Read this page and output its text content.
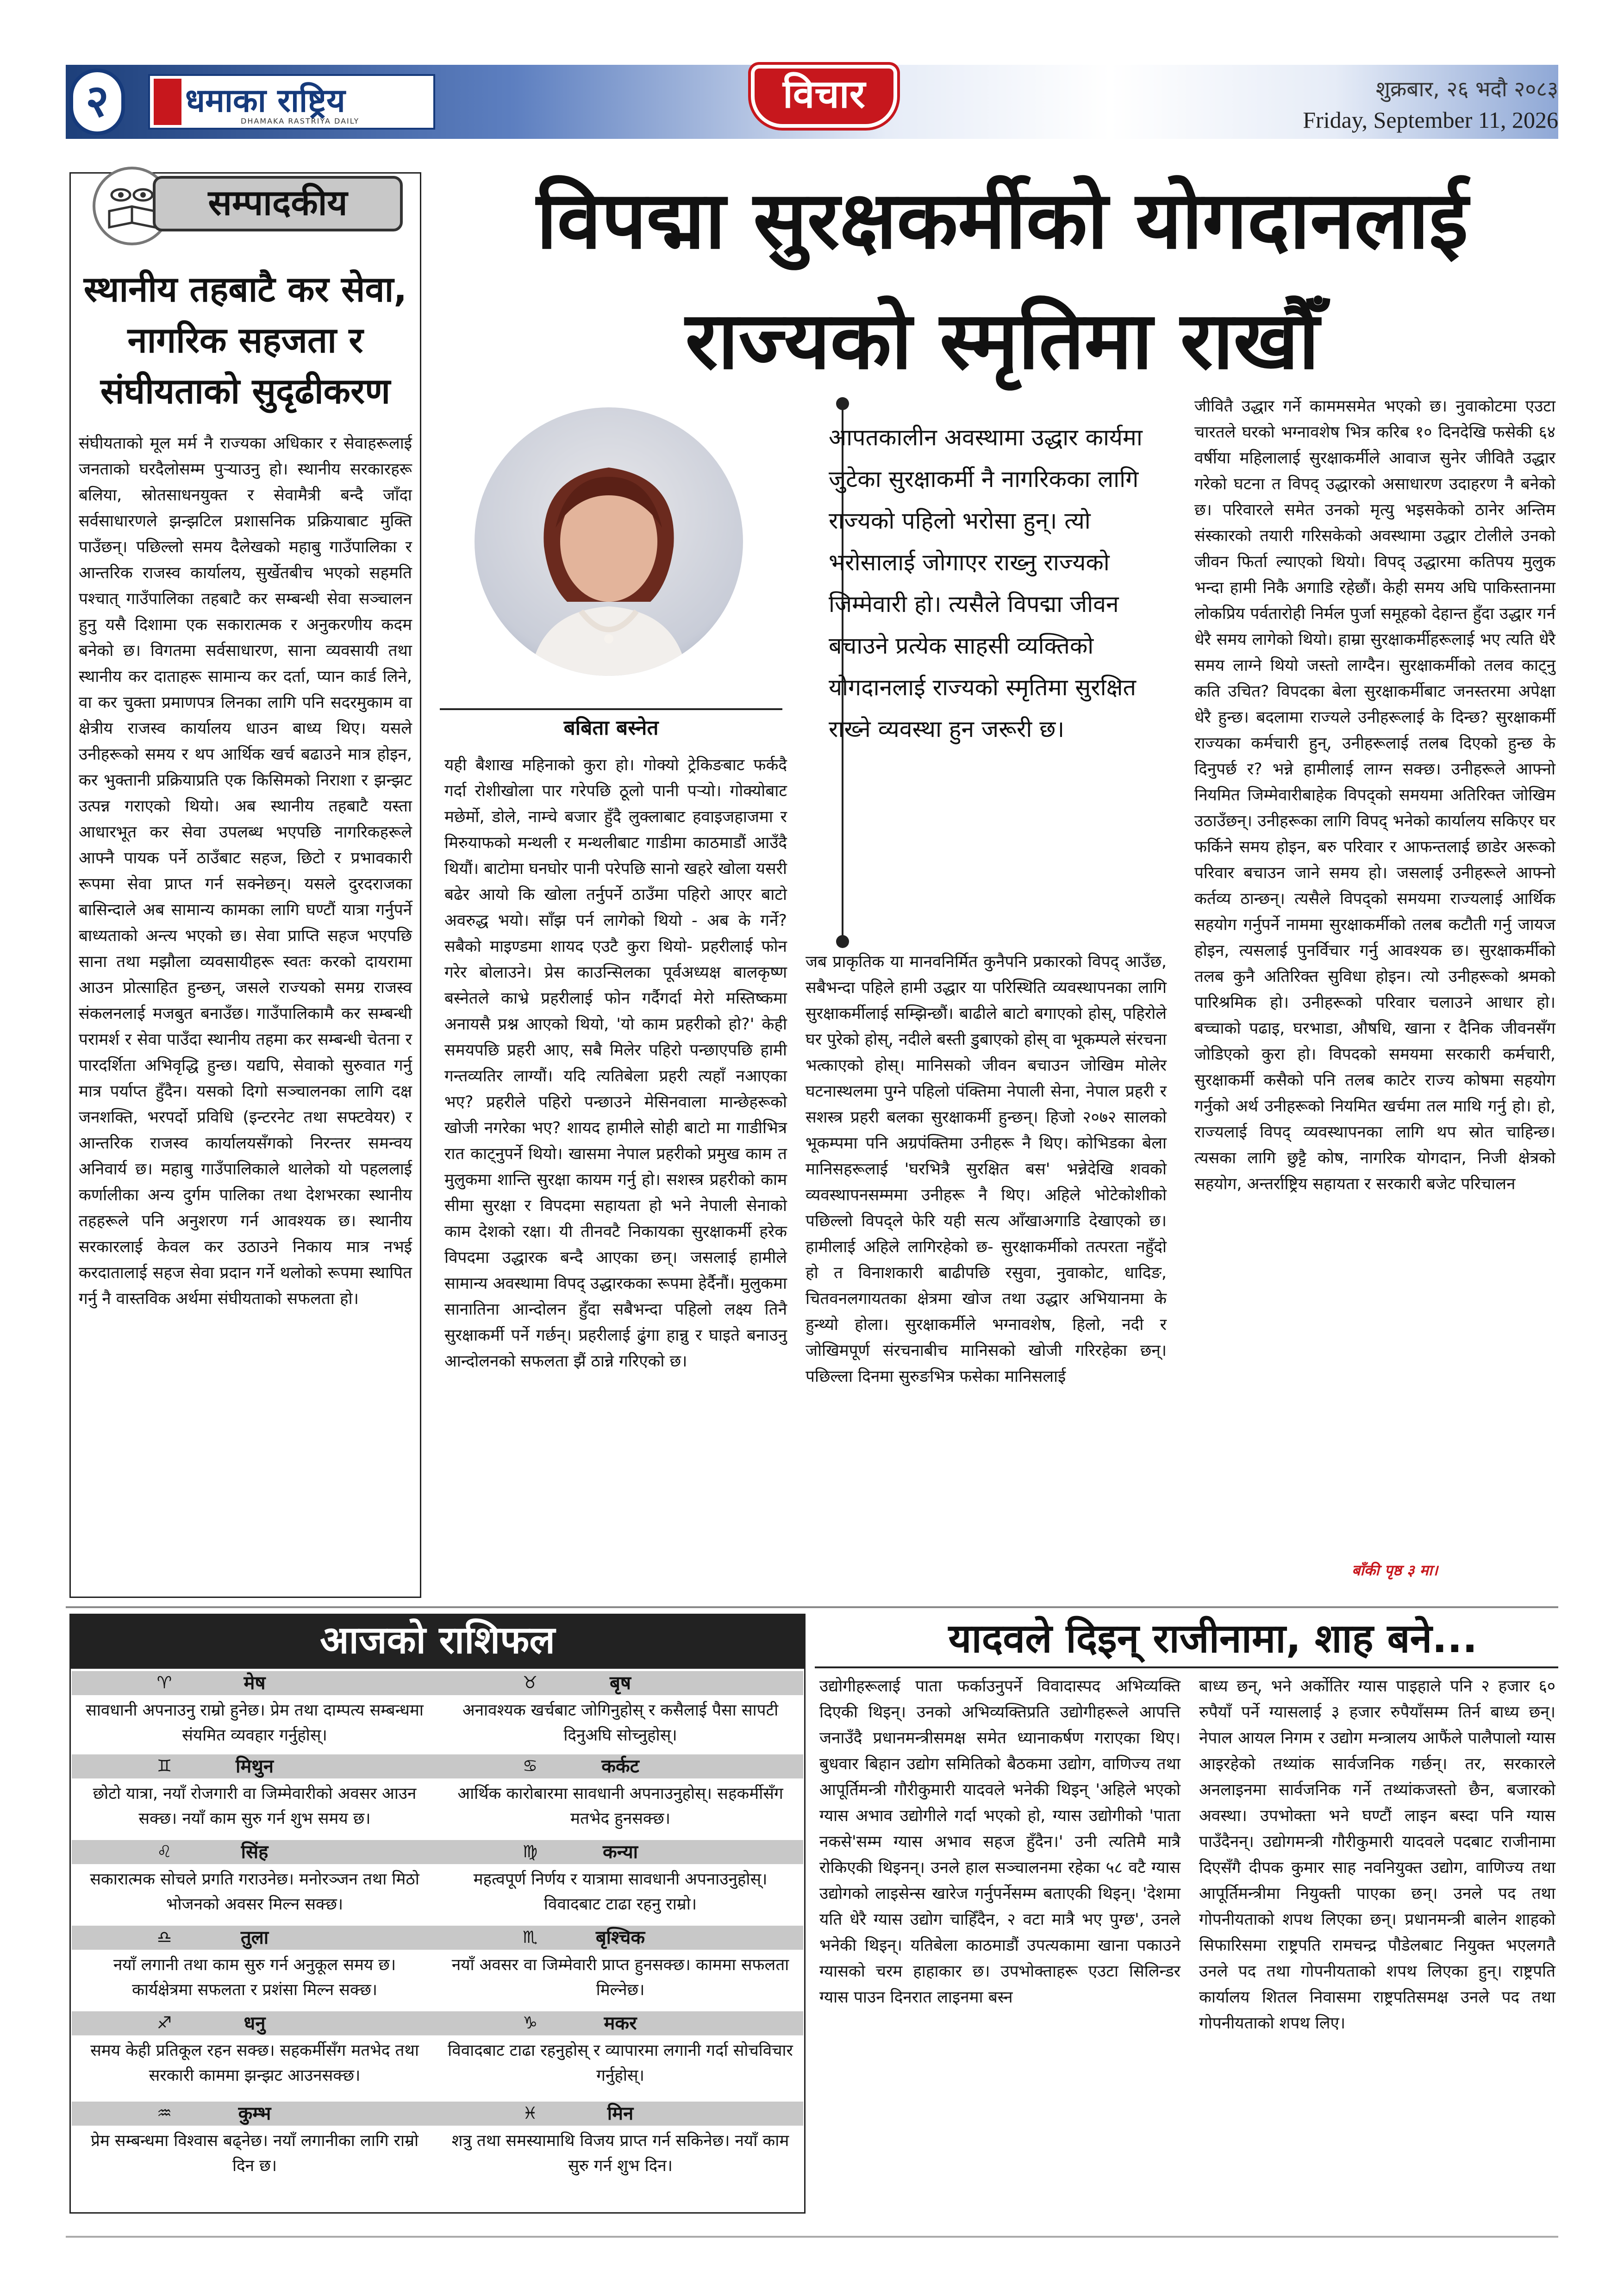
२	धमाका राष्ट्रिय
DHAMAKA RASTRIYA DAILY
विचार	शुक्रबार, २६ भदौ २०८३
Friday, September 11, 2026
सम्पादकीय
स्थानीय तहबाटै कर सेवा, नागरिक सहजता र संघीयताको सुदृढीकरण
संघीयताको मूल मर्म नै राज्यका अधिकार र सेवाहरूलाई जनताको घरदैलोसम्म पुऱ्याउनु हो। स्थानीय सरकारहरू बलिया, स्रोतसाधनयुक्त र सेवामैत्री बन्दै जाँदा सर्वसाधारणले झन्झटिल प्रशासनिक प्रक्रियाबाट मुक्ति पाउँछन्। पछिल्लो समय दैलेखको महाबु गाउँपालिका र आन्तरिक राजस्व कार्यालय, सुर्खेतबीच भएको सहमति पश्चात् गाउँपालिका तहबाटै कर सम्बन्धी सेवा सञ्चालन हुनु यसै दिशामा एक सकारात्मक र अनुकरणीय कदम बनेको छ। विगतमा सर्वसाधारण, साना व्यवसायी तथा स्थानीय कर दाताहरू सामान्य कर दर्ता, प्यान कार्ड लिने, वा कर चुक्ता प्रमाणपत्र लिनका लागि पनि सदरमुकाम वा क्षेत्रीय राजस्व कार्यालय धाउन बाध्य थिए। यसले उनीहरूको समय र थप आर्थिक खर्च बढाउने मात्र होइन, कर भुक्तानी प्रक्रियाप्रति एक किसिमको निराशा र झन्झट उत्पन्न गराएको थियो। अब स्थानीय तहबाटै यस्ता आधारभूत कर सेवा उपलब्ध भएपछि नागरिकहरूले आफ्नै पायक पर्ने ठाउँबाट सहज, छिटो र प्रभावकारी रूपमा सेवा प्राप्त गर्न सक्नेछन्। यसले दुरदराजका बासिन्दाले अब सामान्य कामका लागि घण्टौं यात्रा गर्नुपर्ने बाध्यताको अन्त्य भएको छ। सेवा प्राप्ति सहज भएपछि साना तथा मझौला व्यवसायीहरू स्वतः करको दायरामा आउन प्रोत्साहित हुन्छन्, जसले राज्यको समग्र राजस्व संकलनलाई मजबुत बनाउँछ। गाउँपालिकामै कर सम्बन्धी परामर्श र सेवा पाउँदा स्थानीय तहमा कर सम्बन्धी चेतना र पारदर्शिता अभिवृद्धि हुन्छ। यद्यपि, सेवाको सुरुवात गर्नु मात्र पर्याप्त हुँदैन। यसको दिगो सञ्चालनका लागि दक्ष जनशक्ति, भरपर्दो प्रविधि (इन्टरनेट तथा सफ्टवेयर) र आन्तरिक राजस्व कार्यालयसँगको निरन्तर समन्वय अनिवार्य छ। महाबु गाउँपालिकाले थालेको यो पहललाई कर्णालीका अन्य दुर्गम पालिका तथा देशभरका स्थानीय तहहरूले पनि अनुशरण गर्न आवश्यक छ। स्थानीय सरकारलाई केवल कर उठाउने निकाय मात्र नभई करदातालाई सहज सेवा प्रदान गर्ने थलोको रूपमा स्थापित गर्नु नै वास्तविक अर्थमा संघीयताको सफलता हो।
विपद्मा सुरक्षकर्मीको योगदानलाई
राज्यको स्मृतिमा राखौँ
बबिता बस्नेत
यही बैशाख महिनाको कुरा हो। गोक्यो ट्रेकिङबाट फर्कदै गर्दा रोशीखोला पार गरेपछि ठूलो पानी पऱ्यो। गोक्योबाट मछेर्मो, डोले, नाम्चे बजार हुँदै लुक्लाबाट हवाइजहाजमा र मिरुयाफको मन्थली र मन्थलीबाट गाडीमा काठमाडौं आउँदै थियौं। बाटोमा घनघोर पानी परेपछि सानो खहरे खोला यसरी बढेर आयो कि खोला तर्नुपर्ने ठाउँमा पहिरो आएर बाटो अवरुद्ध भयो। साँझ पर्न लागेको थियो - अब के गर्ने? सबैको माइण्डमा शायद एउटै कुरा थियो- प्रहरीलाई फोन गरेर बोलाउने। प्रेस काउन्सिलका पूर्वअध्यक्ष बालकृष्ण बस्नेतले काभ्रे प्रहरीलाई फोन गर्दैगर्दा मेरो मस्तिष्कमा अनायसै प्रश्न आएको थियो, 'यो काम प्रहरीको हो?' केही समयपछि प्रहरी आए, सबै मिलेर पहिरो पन्छाएपछि हामी गन्तव्यतिर लाग्यौं। यदि त्यतिबेला प्रहरी त्यहाँ नआएका भए? प्रहरीले पहिरो पन्छाउने मेसिनवाला मान्छेहरूको खोजी नगरेका भए? शायद हामीले सोही बाटो मा गाडीभित्र रात काट्नुपर्ने थियो। खासमा नेपाल प्रहरीको प्रमुख काम त मुलुकमा शान्ति सुरक्षा कायम गर्नु हो। सशस्त्र प्रहरीको काम सीमा सुरक्षा र विपदमा सहायता हो भने नेपाली सेनाको काम देशको रक्षा। यी तीनवटै निकायका सुरक्षाकर्मी हरेक विपदमा उद्धारक बन्दै आएका छन्। जसलाई हामीले सामान्य अवस्थामा विपद् उद्धारकका रूपमा हेर्दैनौं। मुलुकमा सानातिना आन्दोलन हुँदा सबैभन्दा पहिलो लक्ष्य तिनै सुरक्षाकर्मी पर्ने गर्छन्। प्रहरीलाई ढुंगा हान्नु र घाइते बनाउनु आन्दोलनको सफलता झैं ठान्ने गरिएको छ।
आपतकालीन अवस्थामा उद्धार कार्यमा जुटेका सुरक्षाकर्मी नै नागरिकका लागि राज्यको पहिलो भरोसा हुन्। त्यो भरोसालाई जोगाएर राख्नु राज्यको जिम्मेवारी हो। त्यसैले विपद्मा जीवन बचाउने प्रत्येक साहसी व्यक्तिको योगदानलाई राज्यको स्मृतिमा सुरक्षित राख्ने व्यवस्था हुन जरूरी छ।
जब प्राकृतिक या मानवनिर्मित कुनैपनि प्रकारको विपद् आउँछ, सबैभन्दा पहिले हामी उद्धार या परिस्थिति व्यवस्थापनका लागि सुरक्षाकर्मीलाई सम्झिन्छौं। बाढीले बाटो बगाएको होस्, पहिरोले घर पुरेको होस्, नदीले बस्ती डुबाएको होस् वा भूकम्पले संरचना भत्काएको होस्। मानिसको जीवन बचाउन जोखिम मोलेर घटनास्थलमा पुग्ने पहिलो पंक्तिमा नेपाली सेना, नेपाल प्रहरी र सशस्त्र प्रहरी बलका सुरक्षाकर्मी हुन्छन्। हिजो २०७२ सालको भूकम्पमा पनि अग्रपंक्तिमा उनीहरू नै थिए। कोभिडका बेला मानिसहरूलाई 'घरभित्रै सुरक्षित बस' भन्नेदेखि शवको व्यवस्थापनसम्ममा उनीहरू नै थिए। अहिले भोटेकोशीको पछिल्लो विपद्ले फेरि यही सत्य आँखाअगाडि देखाएको छ। हामीलाई अहिले लागिरहेको छ- सुरक्षाकर्मीको तत्परता नहुँदो हो त विनाशकारी बाढीपछि रसुवा, नुवाकोट, धादिङ, चितवनलगायतका क्षेत्रमा खोज तथा उद्धार अभियानमा के हुन्थ्यो होला। सुरक्षाकर्मीले भग्नावशेष, हिलो, नदी र जोखिमपूर्ण संरचनाबीच मानिसको खोजी गरिरहेका छन्। पछिल्ला दिनमा सुरुङभित्र फसेका मानिसलाई
जीवितै उद्धार गर्ने काममसमेत भएको छ। नुवाकोटमा एउटा चारतले घरको भग्नावशेष भित्र करिब १० दिनदेखि फसेकी ६४ वर्षीया महिलालाई सुरक्षाकर्मीले आवाज सुनेर जीवितै उद्धार गरेको घटना त विपद् उद्धारको असाधारण उदाहरण नै बनेको छ। परिवारले समेत उनको मृत्यु भइसकेको ठानेर अन्तिम संस्कारको तयारी गरिसकेको अवस्थामा उद्धार टोलीले उनको जीवन फिर्ता ल्याएको थियो। विपद् उद्धारमा कतिपय मुलुक भन्दा हामी निकै अगाडि रहेछौं। केही समय अघि पाकिस्तानमा लोकप्रिय पर्वतारोही निर्मल पुर्जा समूहको देहान्त हुँदा उद्धार गर्न धेरै समय लागेको थियो। हाम्रा सुरक्षाकर्मीहरूलाई भए त्यति धेरै समय लाग्ने थियो जस्तो लाग्दैन। सुरक्षाकर्मीको तलव काट्नु कति उचित? विपदका बेला सुरक्षाकर्मीबाट जनस्तरमा अपेक्षा धेरै हुन्छ। बदलामा राज्यले उनीहरूलाई के दिन्छ? सुरक्षाकर्मी राज्यका कर्मचारी हुन्, उनीहरूलाई तलब दिएको हुन्छ के दिनुपर्छ र? भन्ने हामीलाई लाग्न सक्छ। उनीहरूले आफ्नो नियमित जिम्मेवारीबाहेक विपद्को समयमा अतिरिक्त जोखिम उठाउँछन्। उनीहरूका लागि विपद् भनेको कार्यालय सकिएर घर फर्किने समय होइन, बरु परिवार र आफन्तलाई छाडेर अरूको परिवार बचाउन जाने समय हो। जसलाई उनीहरूले आफ्नो कर्तव्य ठान्छन्। त्यसैले विपद्को समयमा राज्यलाई आर्थिक सहयोग गर्नुपर्ने नाममा सुरक्षाकर्मीको तलब कटौती गर्नु जायज होइन, त्यसलाई पुनर्विचार गर्नु आवश्यक छ। सुरक्षाकर्मीको तलब कुनै अतिरिक्त सुविधा होइन। त्यो उनीहरूको श्रमको पारिश्रमिक हो। उनीहरूको परिवार चलाउने आधार हो। बच्चाको पढाइ, घरभाडा, औषधि, खाना र दैनिक जीवनसँग जोडिएको कुरा हो। विपदको समयमा सरकारी कर्मचारी, सुरक्षाकर्मी कसैको पनि तलब काटेर राज्य कोषमा सहयोग गर्नुको अर्थ उनीहरूको नियमित खर्चमा तल माथि गर्नु हो। हो, राज्यलाई विपद् व्यवस्थापनका लागि थप स्रोत चाहिन्छ। त्यसका लागि छुट्टै कोष, नागरिक योगदान, निजी क्षेत्रको सहयोग, अन्तर्राष्ट्रिय सहायता र सरकारी बजेट परिचालन
बाँकी पृष्ठ ३ मा।
आजको राशिफल	यादवले दिइन् राजीनामा, शाह बने...
उद्योगीहरूलाई पाता फर्काउनुपर्ने विवादास्पद अभिव्यक्ति दिएकी थिइन्। उनको अभिव्यक्तिप्रति उद्योगीहरूले आपत्ति जनाउँदै प्रधानमन्त्रीसमक्ष समेत ध्यानाकर्षण गराएका थिए। बुधवार बिहान उद्योग समितिको बैठकमा उद्योग, वाणिज्य तथा आपूर्तिमन्त्री गौरीकुमारी यादवले भनेकी थिइन् 'अहिले भएको ग्यास अभाव उद्योगीले गर्दा भएको हो, ग्यास उद्योगीको 'पाता नकसे'सम्म ग्यास अभाव सहज हुँदैन।' उनी त्यतिमै मात्रै रोकिएकी थिइनन्। उनले हाल सञ्चालनमा रहेका ५८ वटै ग्यास उद्योगको लाइसेन्स खारेज गर्नुपर्नेसम्म बताएकी थिइन्। 'देशमा यति धेरै ग्यास उद्योग चाहिँदैन, २ वटा मात्रै भए पुग्छ', उनले भनेकी थिइन्। यतिबेला काठमाडौं उपत्यकामा खाना पकाउने ग्यासको चरम हाहाकार छ। उपभोक्ताहरू एउटा सिलिन्डर ग्यास पाउन दिनरात लाइनमा बस्न
बाध्य छन्, भने अर्कोतिर ग्यास पाइहाले पनि २ हजार ६० रुपैयाँ पर्ने ग्यासलाई ३ हजार रुपैयाँसम्म तिर्न बाध्य छन्। नेपाल आयल निगम र उद्योग मन्त्रालय आफैंले पालैपालो ग्यास आइरहेको तथ्यांक सार्वजनिक गर्छन्। तर, सरकारले अनलाइनमा सार्वजनिक गर्ने तथ्यांकजस्तो छैन, बजारको अवस्था। उपभोक्ता भने घण्टौं लाइन बस्दा पनि ग्यास पाउँदैनन्। उद्योगमन्त्री गौरीकुमारी यादवले पदबाट राजीनामा दिएसँगै दीपक कुमार साह नवनियुक्त उद्योग, वाणिज्य तथा आपूर्तिमन्त्रीमा नियुक्ती पाएका छन्। उनले पद तथा गोपनीयताको शपथ लिएका छन्। प्रधानमन्त्री बालेन शाहको सिफारिसमा राष्ट्रपति रामचन्द्र पौडेलबाट नियुक्त भएलगतै उनले पद तथा गोपनीयताको शपथ लिएका हुन्। राष्ट्रपति कार्यालय शितल निवासमा राष्ट्रपतिसमक्ष उनले पद तथा गोपनीयताको शपथ लिए।
♈	मेष
सावधानी अपनाउनु राम्रो हुनेछ। प्रेम तथा दाम्पत्य सम्बन्धमा संयमित व्यवहार गर्नुहोस्।
♉	बृष
अनावश्यक खर्चबाट जोगिनुहोस् र कसैलाई पैसा सापटी दिनुअघि सोच्नुहोस्।
♊	मिथुन
छोटो यात्रा, नयाँ रोजगारी वा जिम्मेवारीको अवसर आउन सक्छ। नयाँ काम सुरु गर्न शुभ समय छ।
♋	कर्कट
आर्थिक कारोबारमा सावधानी अपनाउनुहोस्। सहकर्मीसँग मतभेद हुनसक्छ।
♌	सिंह
सकारात्मक सोचले प्रगति गराउनेछ। मनोरञ्जन तथा मिठो भोजनको अवसर मिल्न सक्छ।
♍	कन्या
महत्वपूर्ण निर्णय र यात्रामा सावधानी अपनाउनुहोस्। विवादबाट टाढा रहनु राम्रो।
♎	तुला
नयाँ लगानी तथा काम सुरु गर्न अनुकूल समय छ। कार्यक्षेत्रमा सफलता र प्रशंसा मिल्न सक्छ।
♏	बृश्चिक
नयाँ अवसर वा जिम्मेवारी प्राप्त हुनसक्छ। काममा सफलता मिल्नेछ।
♐	धनु
समय केही प्रतिकूल रहन सक्छ। सहकर्मीसँग मतभेद तथा सरकारी काममा झन्झट आउनसक्छ।
♑	मकर
विवादबाट टाढा रहनुहोस् र व्यापारमा लगानी गर्दा सोचविचार गर्नुहोस्।
♒	कुम्भ
प्रेम सम्बन्धमा विश्वास बढ्नेछ। नयाँ लगानीका लागि राम्रो दिन छ।
♓	मिन
शत्रु तथा समस्यामाथि विजय प्राप्त गर्न सकिनेछ। नयाँ काम सुरु गर्न शुभ दिन।
